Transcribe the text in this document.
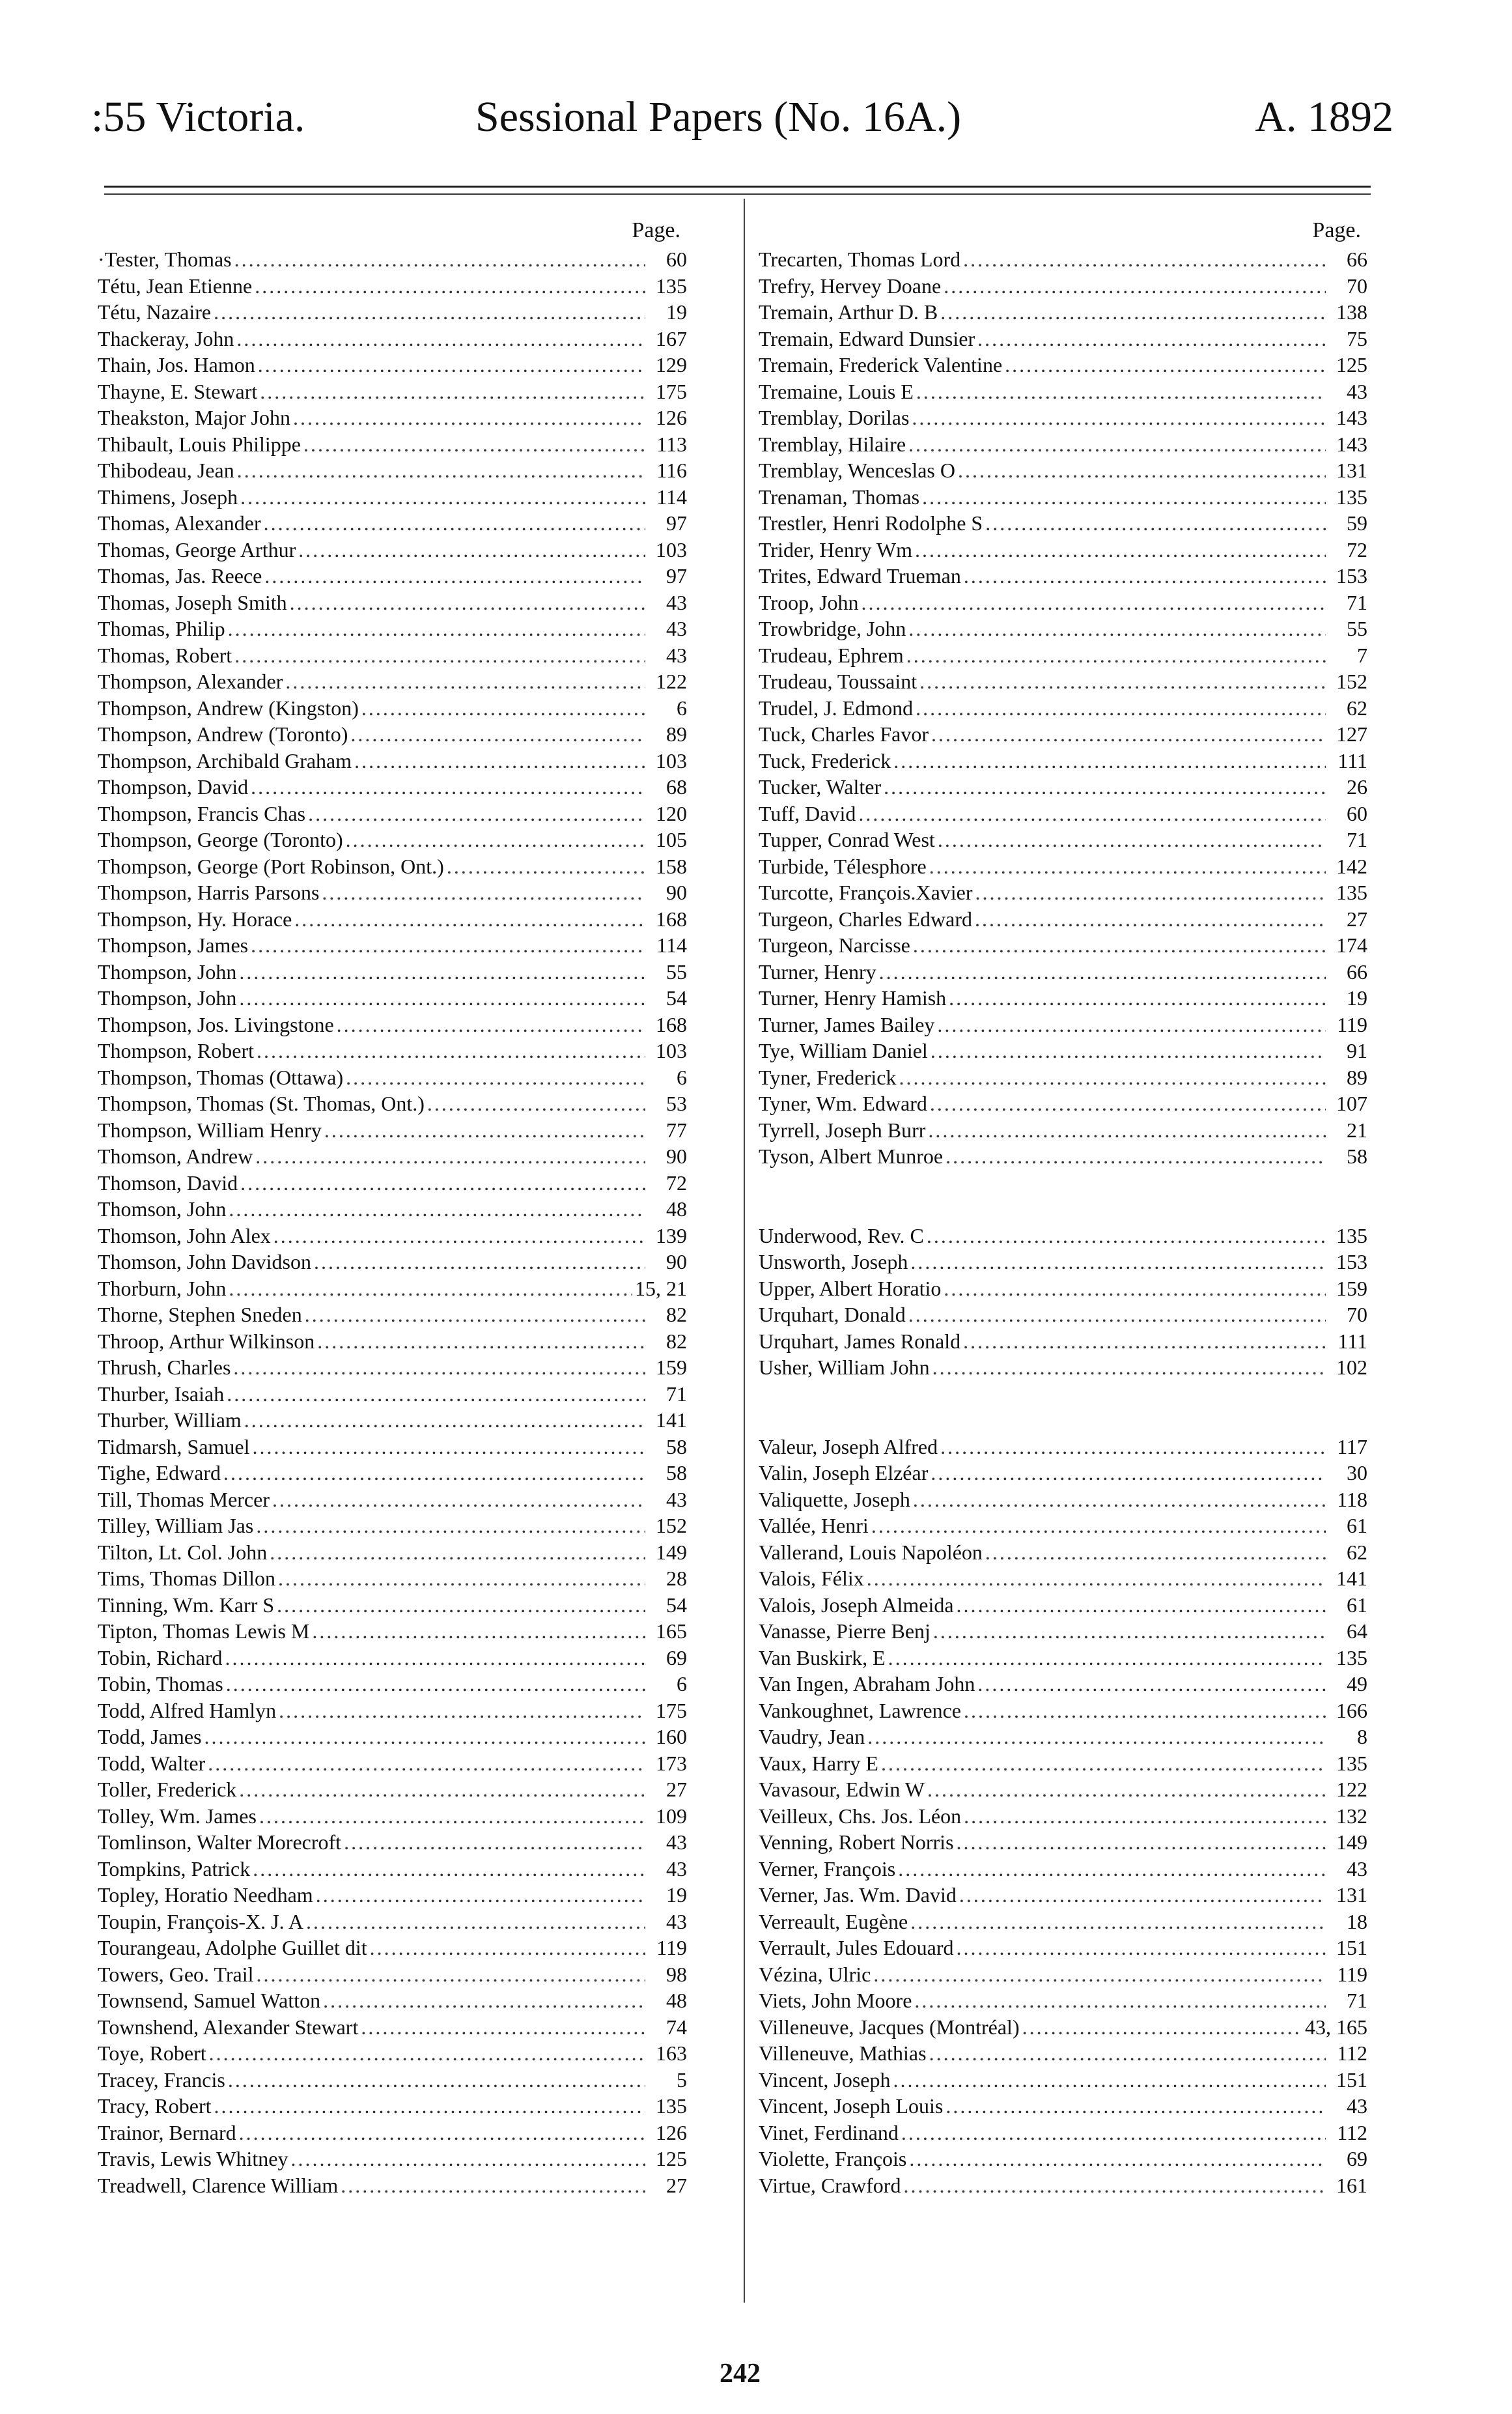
:55 Victoria.	Sessional Papers (No. 16A.)	A. 1892
Page.
·Tester, Thomas .....	60
Tétu, Jean Etienne .....	135
Tétu, Nazaire .....	19
Thackeray, John .....	167
Thain, Jos. Hamon .....	129
Thayne, E. Stewart .....	175
Theakston, Major John .....	126
Thibault, Louis Philippe .....	113
Thibodeau, Jean .....	116
Thimens, Joseph .....	114
Thomas, Alexander .....	97
Thomas, George Arthur .....	103
Thomas, Jas. Reece .....	97
Thomas, Joseph Smith .....	43
Thomas, Philip .....	43
Thomas, Robert .....	43
Thompson, Alexander .....	122
Thompson, Andrew (Kingston) .....	6
Thompson, Andrew (Toronto) .....	89
Thompson, Archibald Graham .....	103
Thompson, David .....	68
Thompson, Francis Chas .....	120
Thompson, George (Toronto) .....	105
Thompson, George (Port Robinson, Ont.) .....	158
Thompson, Harris Parsons .....	90
Thompson, Hy. Horace .....	168
Thompson, James .....	114
Thompson, John .....	55
Thompson, John .....	54
Thompson, Jos. Livingstone .....	168
Thompson, Robert .....	103
Thompson, Thomas (Ottawa) .....	6
Thompson, Thomas (St. Thomas, Ont.) .....	53
Thompson, William Henry .....	77
Thomson, Andrew .....	90
Thomson, David .....	72
Thomson, John .....	48
Thomson, John Alex .....	139
Thomson, John Davidson .....	90
Thorburn, John .....	15, 21
Thorne, Stephen Sneden .....	82
Throop, Arthur Wilkinson .....	82
Thrush, Charles .....	159
Thurber, Isaiah .....	71
Thurber, William .....	141
Tidmarsh, Samuel .....	58
Tighe, Edward .....	58
Till, Thomas Mercer .....	43
Tilley, William Jas .....	152
Tilton, Lt. Col. John .....	149
Tims, Thomas Dillon .....	28
Tinning, Wm. Karr S .....	54
Tipton, Thomas Lewis M .....	165
Tobin, Richard .....	69
Tobin, Thomas .....	6
Todd, Alfred Hamlyn .....	175
Todd, James .....	160
Todd, Walter .....	173
Toller, Frederick .....	27
Tolley, Wm. James .....	109
Tomlinson, Walter Morecroft .....	43
Tompkins, Patrick .....	43
Topley, Horatio Needham .....	19
Toupin, François-X. J. A .....	43
Tourangeau, Adolphe Guillet dit .....	119
Towers, Geo. Trail .....	98
Townsend, Samuel Watton .....	48
Townshend, Alexander Stewart .....	74
Toye, Robert .....	163
Tracey, Francis .....	5
Tracy, Robert .....	135
Trainor, Bernard .....	126
Travis, Lewis Whitney .....	125
Treadwell, Clarence William .....	27
Page.
Trecarten, Thomas Lord .....	66
Trefry, Hervey Doane .....	70
Tremain, Arthur D. B .....	138
Tremain, Edward Dunsier .....	75
Tremain, Frederick Valentine .....	125
Tremaine, Louis E .....	43
Tremblay, Dorilas .....	143
Tremblay, Hilaire .....	143
Tremblay, Wenceslas O .....	131
Trenaman, Thomas .....	135
Trestler, Henri Rodolphe S .....	59
Trider, Henry Wm .....	72
Trites, Edward Trueman .....	153
Troop, John .....	71
Trowbridge, John .....	55
Trudeau, Ephrem .....	7
Trudeau, Toussaint .....	152
Trudel, J. Edmond .....	62
Tuck, Charles Favor .....	127
Tuck, Frederick .....	111
Tucker, Walter .....	26
Tuff, David .....	60
Tupper, Conrad West .....	71
Turbide, Télesphore .....	142
Turcotte, François.Xavier .....	135
Turgeon, Charles Edward .....	27
Turgeon, Narcisse .....	174
Turner, Henry .....	66
Turner, Henry Hamish .....	19
Turner, James Bailey .....	119
Tye, William Daniel .....	91
Tyner, Frederick .....	89
Tyner, Wm. Edward .....	107
Tyrrell, Joseph Burr .....	21
Tyson, Albert Munroe .....	58
Underwood, Rev. C .....	135
Unsworth, Joseph .....	153
Upper, Albert Horatio .....	159
Urquhart, Donald .....	70
Urquhart, James Ronald .....	111
Usher, William John .....	102
Valeur, Joseph Alfred .....	117
Valin, Joseph Elzéar .....	30
Valiquette, Joseph .....	118
Vallée, Henri .....	61
Vallerand, Louis Napoléon .....	62
Valois, Félix .....	141
Valois, Joseph Almeida .....	61
Vanasse, Pierre Benj .....	64
Van Buskirk, E .....	135
Van Ingen, Abraham John .....	49
Vankoughnet, Lawrence .....	166
Vaudry, Jean .....	8
Vaux, Harry E .....	135
Vavasour, Edwin W .....	122
Veilleux, Chs. Jos. Léon .....	132
Venning, Robert Norris .....	149
Verner, François .....	43
Verner, Jas. Wm. David .....	131
Verreault, Eugène .....	18
Verrault, Jules Edouard .....	151
Vézina, Ulric .....	119
Viets, John Moore .....	71
Villeneuve, Jacques (Montréal) .....	43, 165
Villeneuve, Mathias .....	112
Vincent, Joseph .....	151
Vincent, Joseph Louis .....	43
Vinet, Ferdinand .....	112
Violette, François .....	69
Virtue, Crawford .....	161
242
